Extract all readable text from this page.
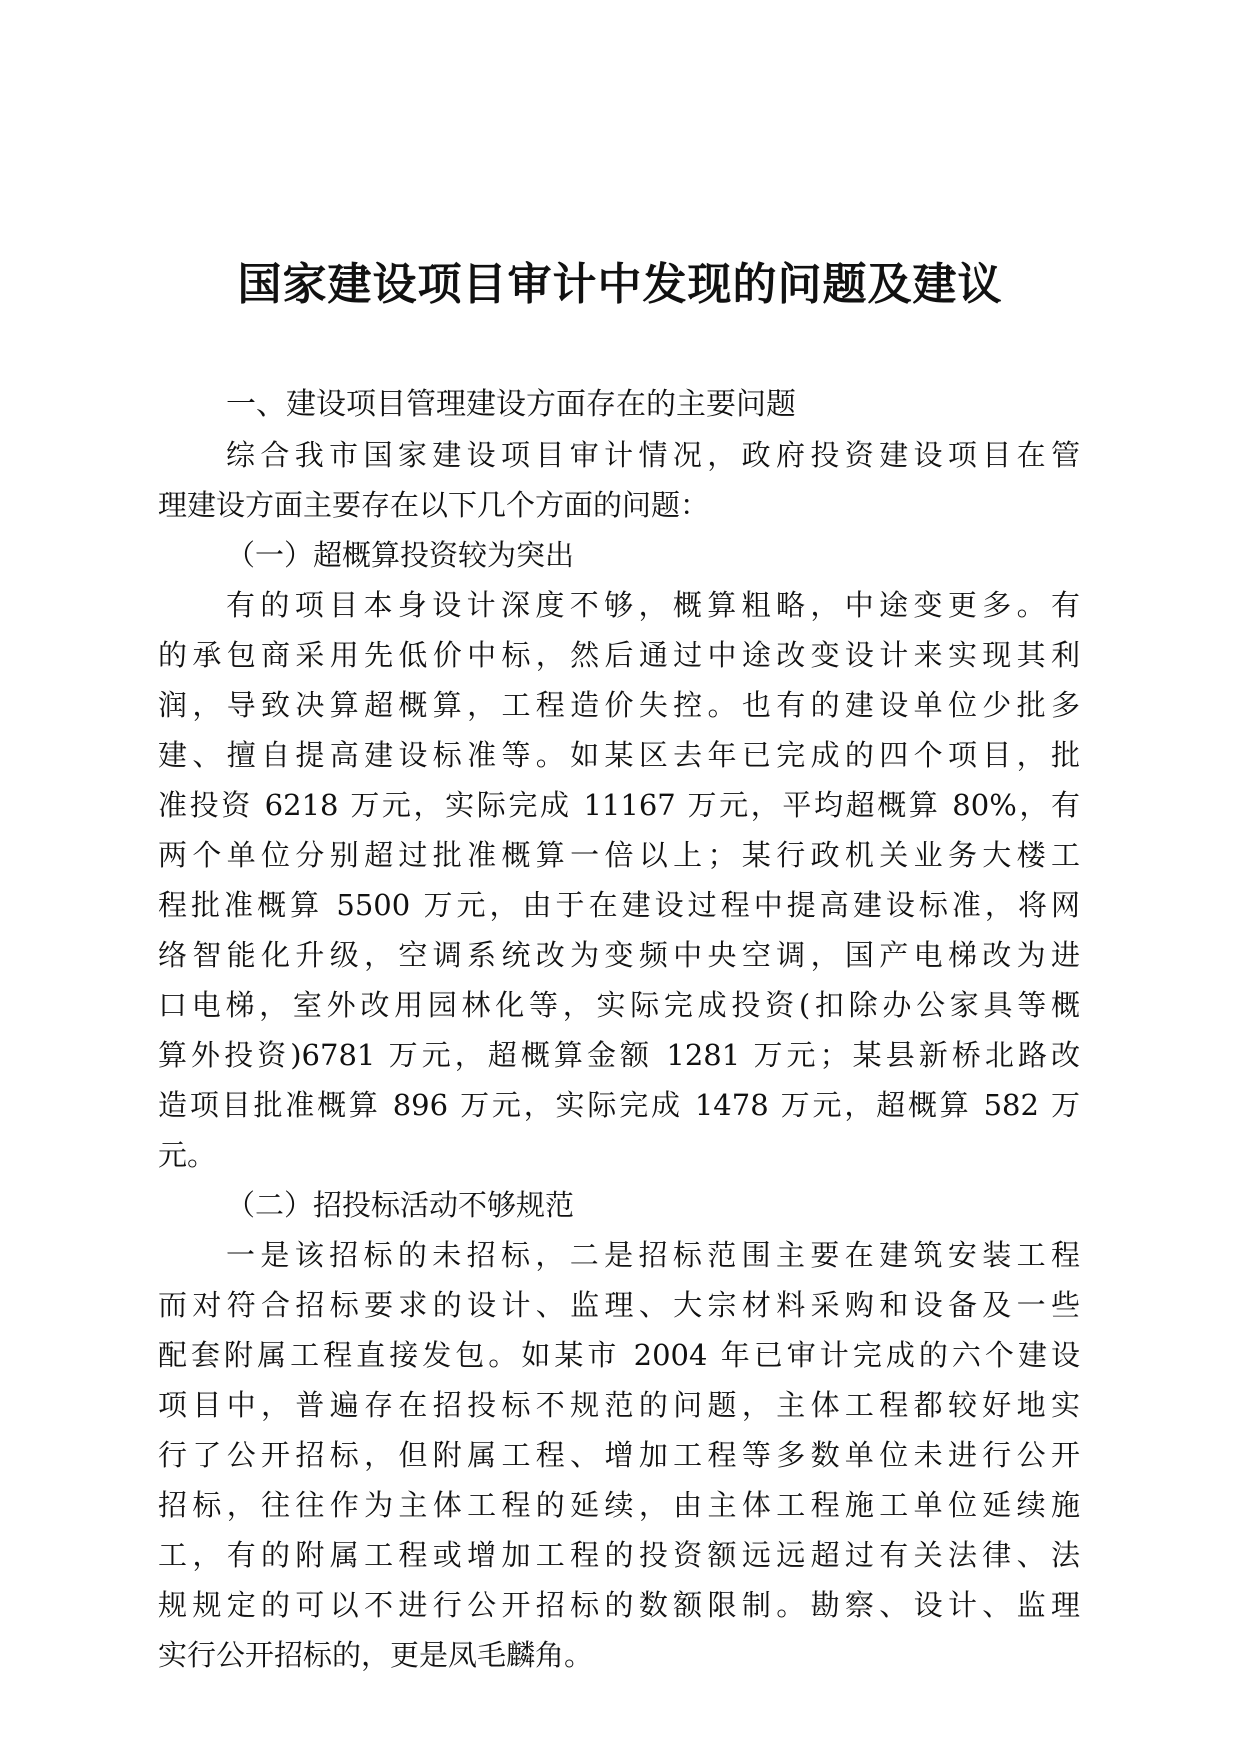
国家建设项目审计中发现的问题及建议
一、建设项目管理建设方面存在的主要问题
综合我市国家建设项目审计情况，政府投资建设项目在管
理建设方面主要存在以下几个方面的问题：
（一）超概算投资较为突出
有的项目本身设计深度不够，概算粗略，中途变更多。有
的承包商采用先低价中标，然后通过中途改变设计来实现其利
润，导致决算超概算，工程造价失控。也有的建设单位少批多
建、擅自提高建设标准等。如某区去年已完成的四个项目，批
准投资 6218 万元，实际完成 11167 万元，平均超概算 80%，有
两个单位分别超过批准概算一倍以上；某行政机关业务大楼工
程批准概算 5500 万元，由于在建设过程中提高建设标准，将网
络智能化升级，空调系统改为变频中央空调，国产电梯改为进
口电梯，室外改用园林化等，实际完成投资(扣除办公家具等概
算外投资)6781 万元，超概算金额 1281 万元；某县新桥北路改
造项目批准概算 896 万元，实际完成 1478 万元，超概算 582 万
元。
（二）招投标活动不够规范
一是该招标的未招标，二是招标范围主要在建筑安装工程
而对符合招标要求的设计、监理、大宗材料采购和设备及一些
配套附属工程直接发包。如某市 2004 年已审计完成的六个建设
项目中，普遍存在招投标不规范的问题，主体工程都较好地实
行了公开招标，但附属工程、增加工程等多数单位未进行公开
招标，往往作为主体工程的延续，由主体工程施工单位延续施
工，有的附属工程或增加工程的投资额远远超过有关法律、法
规规定的可以不进行公开招标的数额限制。勘察、设计、监理
实行公开招标的，更是凤毛麟角。
